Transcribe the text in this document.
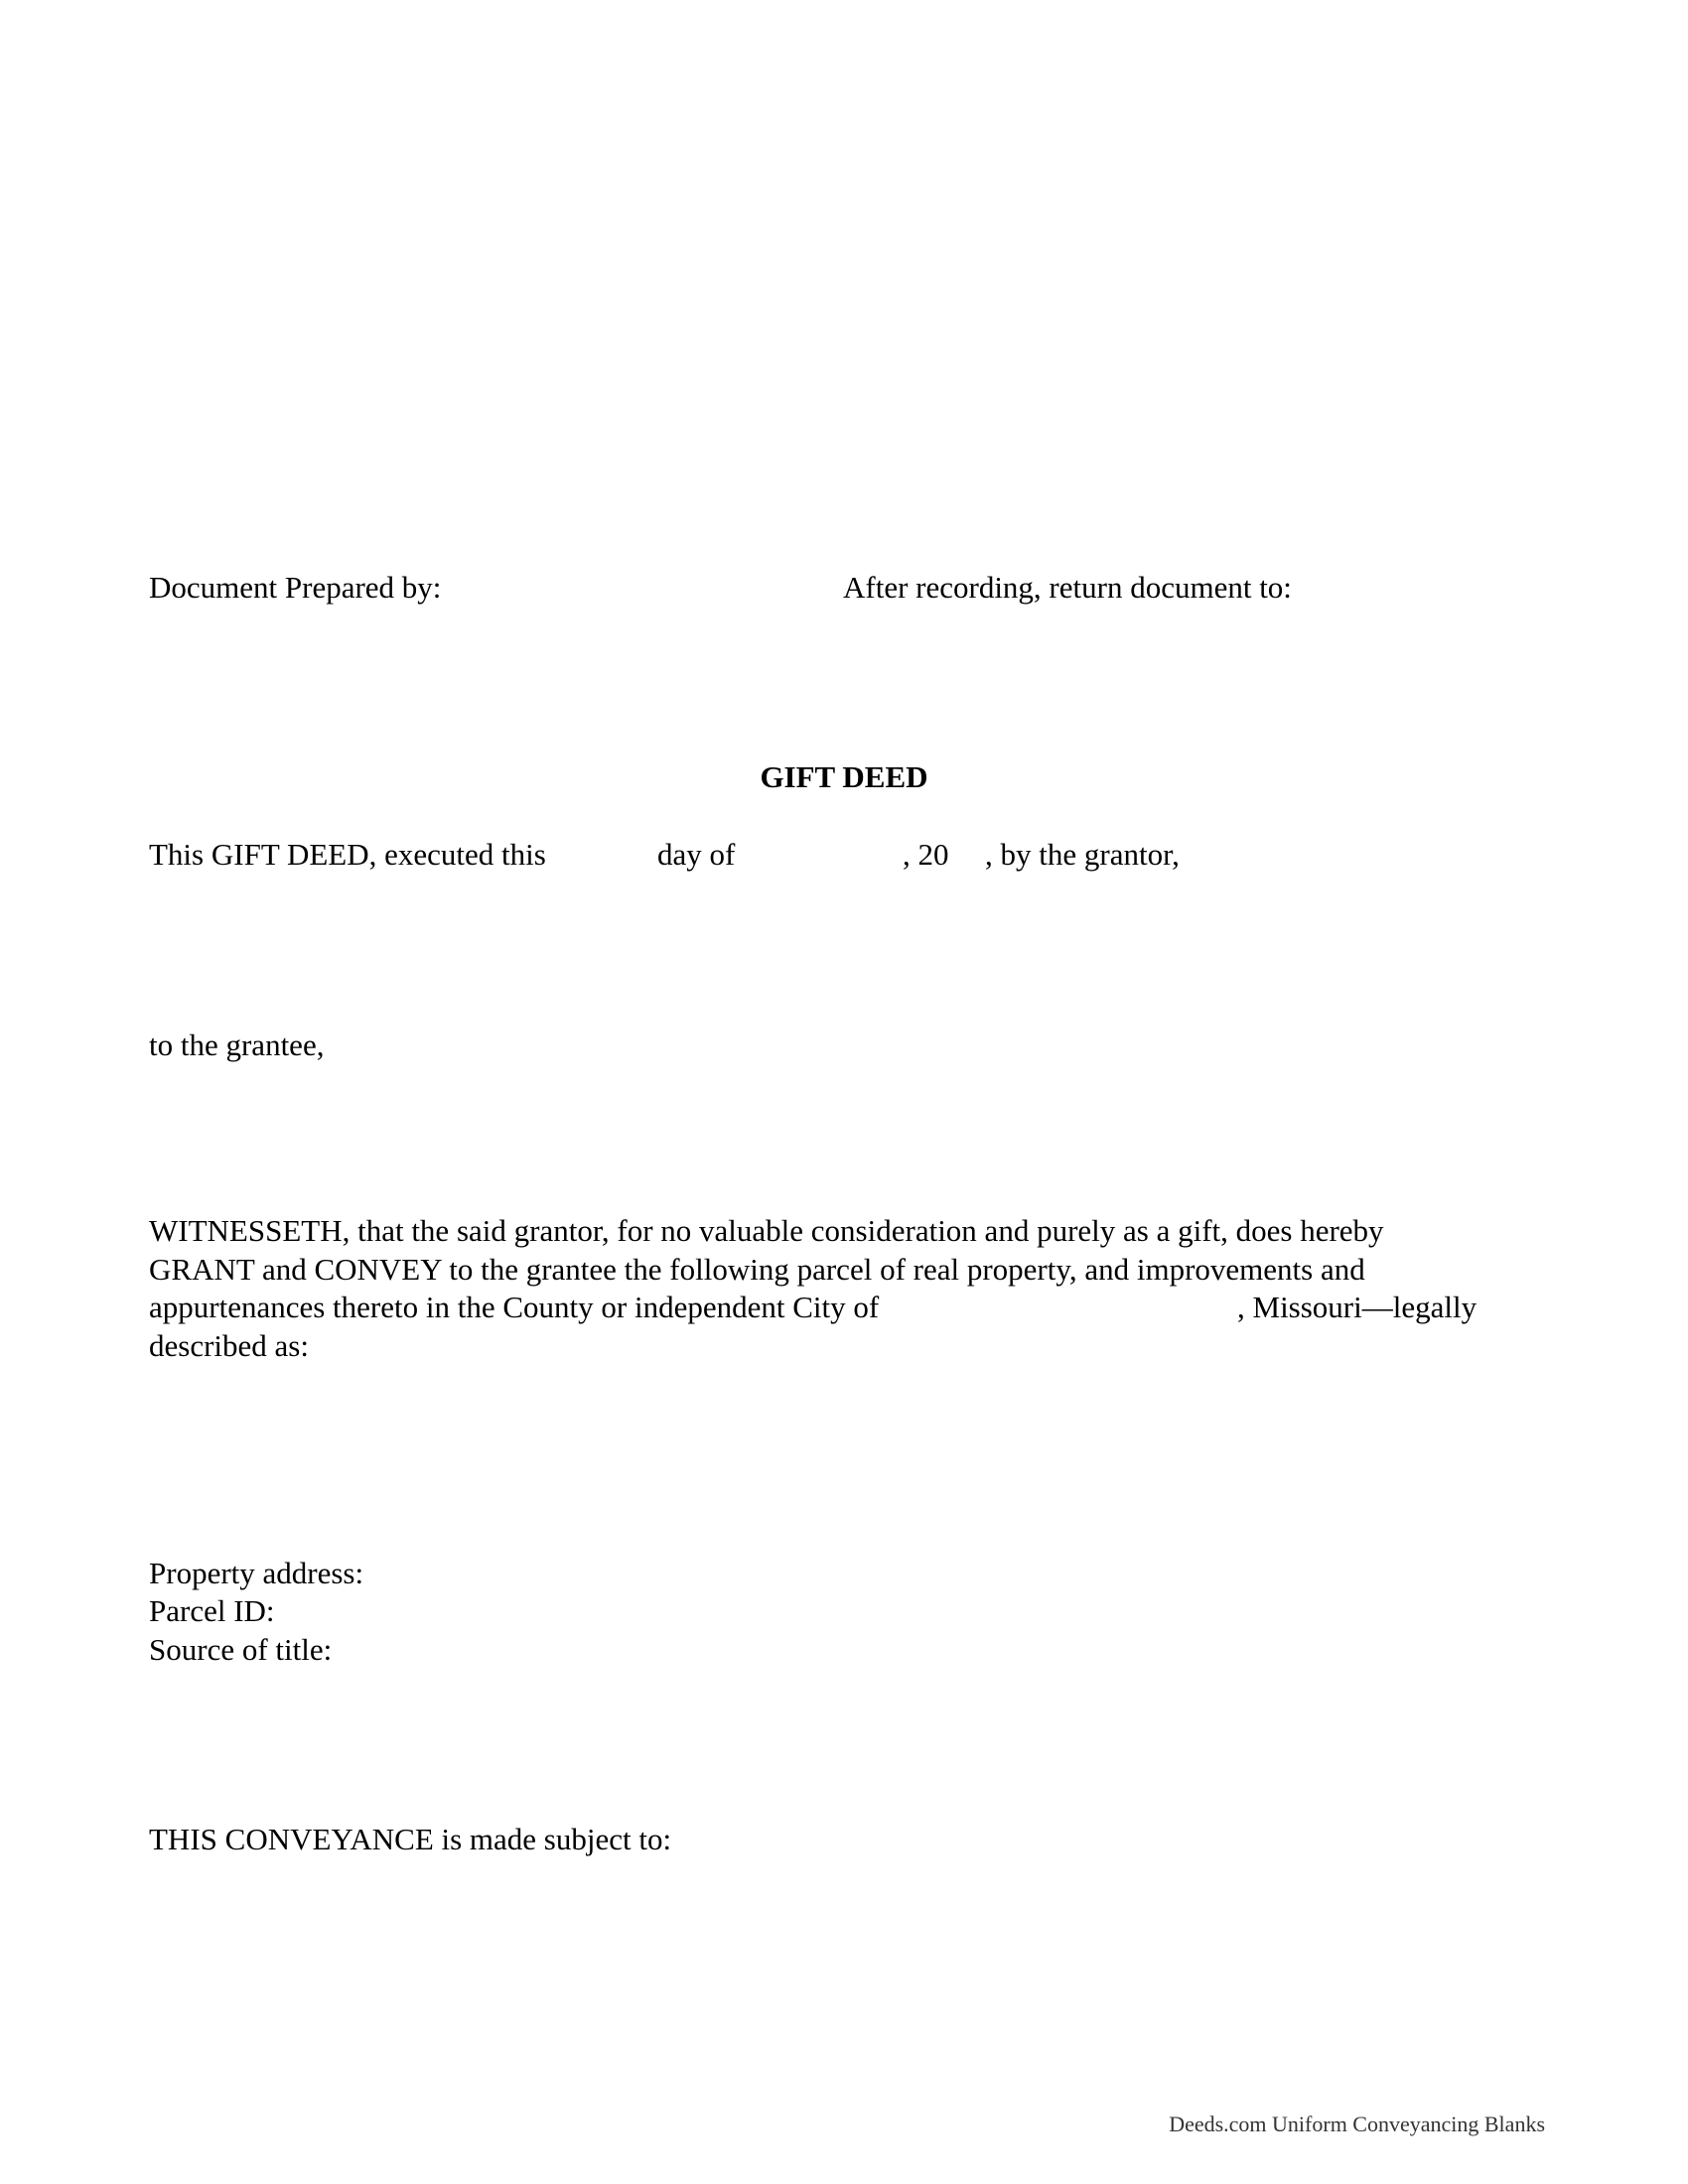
Document Prepared by:	After recording, return document to:
GIFT DEED
This GIFT DEED, executed this	day of	, 20 , by the grantor,
to the grantee,
WITNESSETH, that the said grantor, for no valuable consideration and purely as a gift, does hereby
GRANT and CONVEY to the grantee the following parcel of real property, and improvements and
appurtenances thereto in the County or independent City of	, Missouri—legally
described as:
Property address:
Parcel ID:
Source of title:
THIS CONVEYANCE is made subject to:
Deeds.com Uniform Conveyancing Blanks
